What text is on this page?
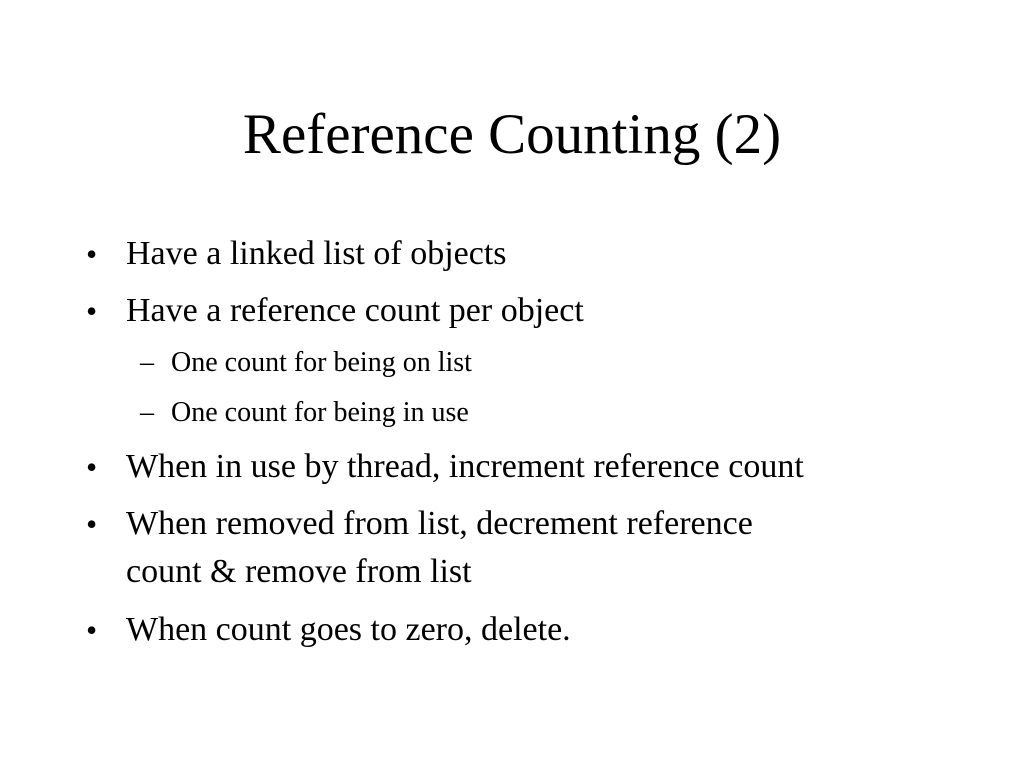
Reference Counting (2)
• Have a linked list of objects
• Have a reference count per object
– One count for being on list
– One count for being in use
• When in use by thread, increment reference count
• When removed from list, decrement reference
count & remove from list
• When count goes to zero, delete.
